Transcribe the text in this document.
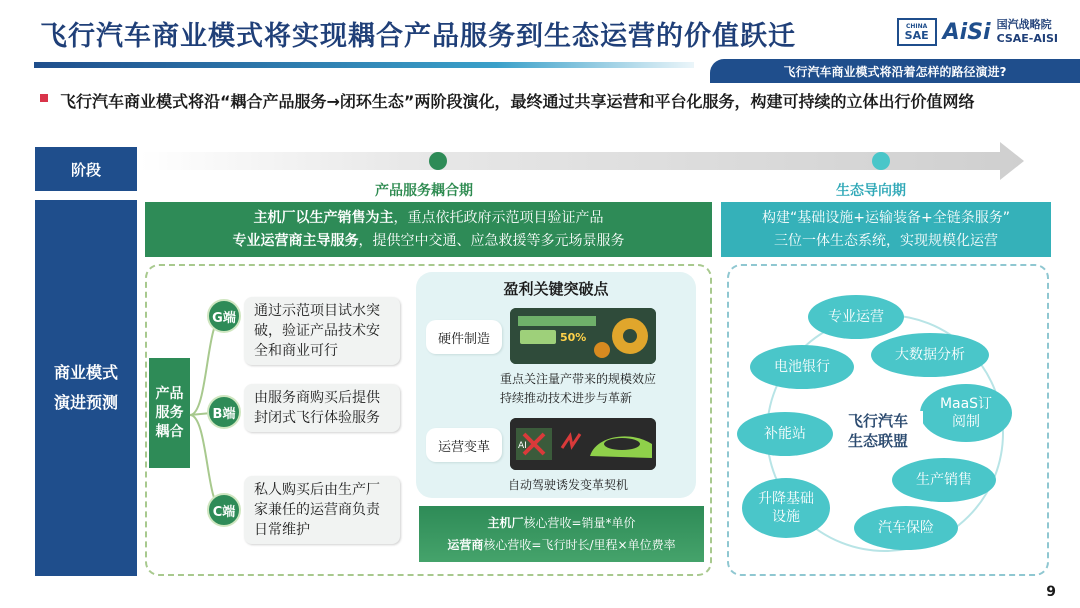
飞行汽车商业模式将实现耦合产品服务到生态运营的价值跃迁	CHINA
SAE AiSi 国汽战略院
CSAE-AISI
飞行汽车商业模式将沿着怎样的路径演进?
飞行汽车商业模式将沿“耦合产品服务→闭环生态”两阶段演化，最终通过共享运营和平台化服务，构建可持续的立体出行价值网络
阶段
商业模式
演进预测
产品服务耦合期	生态导向期
主机厂以生产销售为主，重点依托政府示范项目验证产品
专业运营商主导服务，提供空中交通、应急救援等多元场景服务
构建“基础设施+运输装备+全链条服务”
三位一体生态系统，实现规模化运营
产品服务耦合
G端	通过示范项目试水突破，验证产品技术安全和商业可行
B端
由服务商购买后提供封闭式飞行体验服务
C端
私人购买后由生产厂家兼任的运营商负责日常维护
盈利关键突破点
硬件制造	50%
重点关注量产带来的规模效应
持续推动技术进步与革新
运营变革	AI
自动驾驶诱发变革契机
主机厂核心营收=销量*单价
运营商核心营收=飞行时长/里程×单位费率
专业运营
大数据分析
电池银行
MaaS订阅制
补能站
生产销售
升降基础设施
汽车保险
飞行汽车
生态联盟
9
